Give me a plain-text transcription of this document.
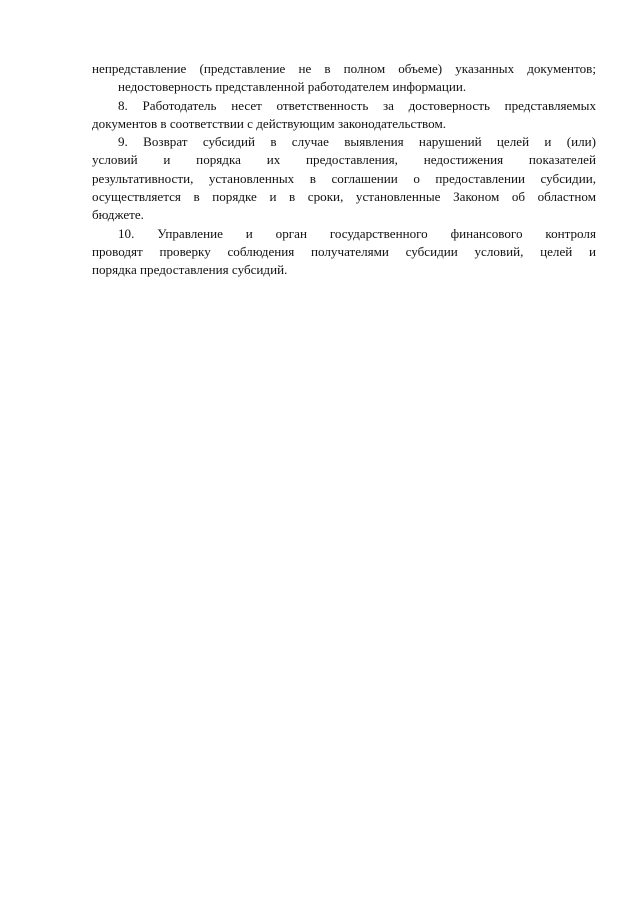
непредставление (представление не в полном объеме) указанных документов;
недостоверность представленной работодателем информации.
8. Работодатель несет ответственность за достоверность представляемых
документов в соответствии с действующим законодательством.
9. Возврат субсидий в случае выявления нарушений целей и (или)
условий и порядка их предоставления, недостижения показателей
результативности, установленных в соглашении о предоставлении субсидии,
осуществляется в порядке и в сроки, установленные Законом об областном
бюджете.
10. Управление и орган государственного финансового контроля
проводят проверку соблюдения получателями субсидии условий, целей и
порядка предоставления субсидий.
